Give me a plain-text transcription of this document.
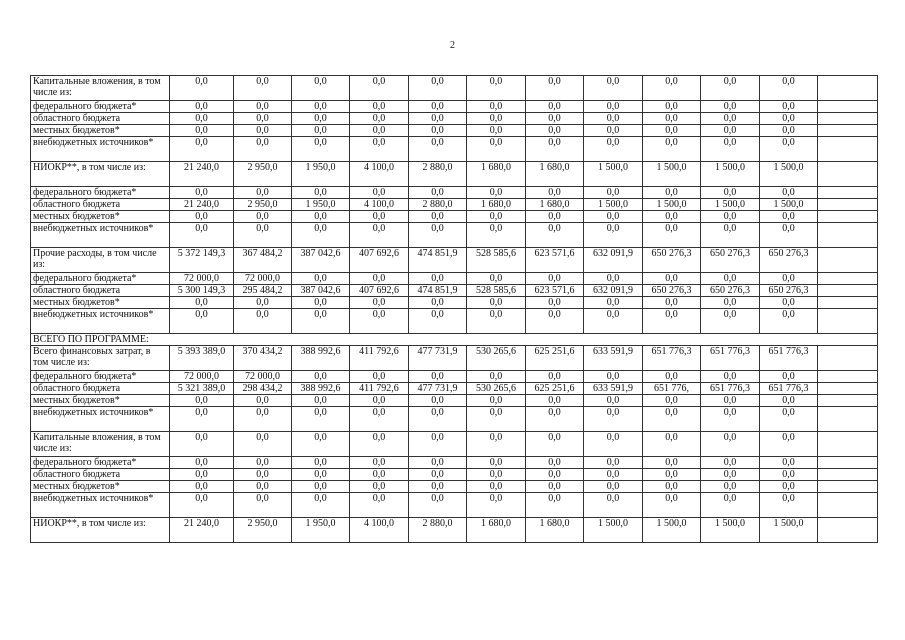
2
Капитальные вложения, в том числе из:	0,0	0,0	0,0	0,0	0,0	0,0	0,0	0,0	0,0	0,0	0,0	
федерального бюджета*	0,0	0,0	0,0	0,0	0,0	0,0	0,0	0,0	0,0	0,0	0,0	
областного бюджета	0,0	0,0	0,0	0,0	0,0	0,0	0,0	0,0	0,0	0,0	0,0	
местных бюджетов*	0,0	0,0	0,0	0,0	0,0	0,0	0,0	0,0	0,0	0,0	0,0	
внебюджетных источников*	0,0	0,0	0,0	0,0	0,0	0,0	0,0	0,0	0,0	0,0	0,0	
НИОКР**, в том числе из:	21 240,0	2 950,0	1 950,0	4 100,0	2 880,0	1 680,0	1 680,0	1 500,0	1 500,0	1 500,0	1 500,0	
федерального бюджета*	0,0	0,0	0,0	0,0	0,0	0,0	0,0	0,0	0,0	0,0	0,0	
областного бюджета	21 240,0	2 950,0	1 950,0	4 100,0	2 880,0	1 680,0	1 680,0	1 500,0	1 500,0	1 500,0	1 500,0	
местных бюджетов*	0,0	0,0	0,0	0,0	0,0	0,0	0,0	0,0	0,0	0,0	0,0	
внебюджетных источников*	0,0	0,0	0,0	0,0	0,0	0,0	0,0	0,0	0,0	0,0	0,0	
Прочие расходы, в том числе из:	5 372 149,3	367 484,2	387 042,6	407 692,6	474 851,9	528 585,6	623 571,6	632 091,9	650 276,3	650 276,3	650 276,3	
федерального бюджета*	72 000,0	72 000,0	0,0	0,0	0,0	0,0	0,0	0,0	0,0	0,0	0,0	
областного бюджета	5 300 149,3	295 484,2	387 042,6	407 692,6	474 851,9	528 585,6	623 571,6	632 091,9	650 276,3	650 276,3	650 276,3	
местных бюджетов*	0,0	0,0	0,0	0,0	0,0	0,0	0,0	0,0	0,0	0,0	0,0	
внебюджетных источников*	0,0	0,0	0,0	0,0	0,0	0,0	0,0	0,0	0,0	0,0	0,0	
ВСЕГО ПО ПРОГРАММЕ:												
Всего финансовых затрат, в том числе из:	5 393 389,0	370 434,2	388 992,6	411 792,6	477 731,9	530 265,6	625 251,6	633 591,9	651 776,3	651 776,3	651 776,3	
федерального бюджета*	72 000,0	72 000,0	0,0	0,0	0,0	0,0	0,0	0,0	0,0	0,0	0,0	
областного бюджета	5 321 389,0	298 434,2	388 992,6	411 792,6	477 731,9	530 265,6	625 251,6	633 591,9	651 776,	651 776,3	651 776,3	
местных бюджетов*	0,0	0,0	0,0	0,0	0,0	0,0	0,0	0,0	0,0	0,0	0,0	
внебюджетных источников*	0,0	0,0	0,0	0,0	0,0	0,0	0,0	0,0	0,0	0,0	0,0	
Капитальные вложения, в том числе из:	0,0	0,0	0,0	0,0	0,0	0,0	0,0	0,0	0,0	0,0	0,0	
федерального бюджета*	0,0	0,0	0,0	0,0	0,0	0,0	0,0	0,0	0,0	0,0	0,0	
областного бюджета	0,0	0,0	0,0	0,0	0,0	0,0	0,0	0,0	0,0	0,0	0,0	
местных бюджетов*	0,0	0,0	0,0	0,0	0,0	0,0	0,0	0,0	0,0	0,0	0,0	
внебюджетных источников*	0,0	0,0	0,0	0,0	0,0	0,0	0,0	0,0	0,0	0,0	0,0	
НИОКР**, в том числе из:	21 240,0	2 950,0	1 950,0	4 100,0	2 880,0	1 680,0	1 680,0	1 500,0	1 500,0	1 500,0	1 500,0	
